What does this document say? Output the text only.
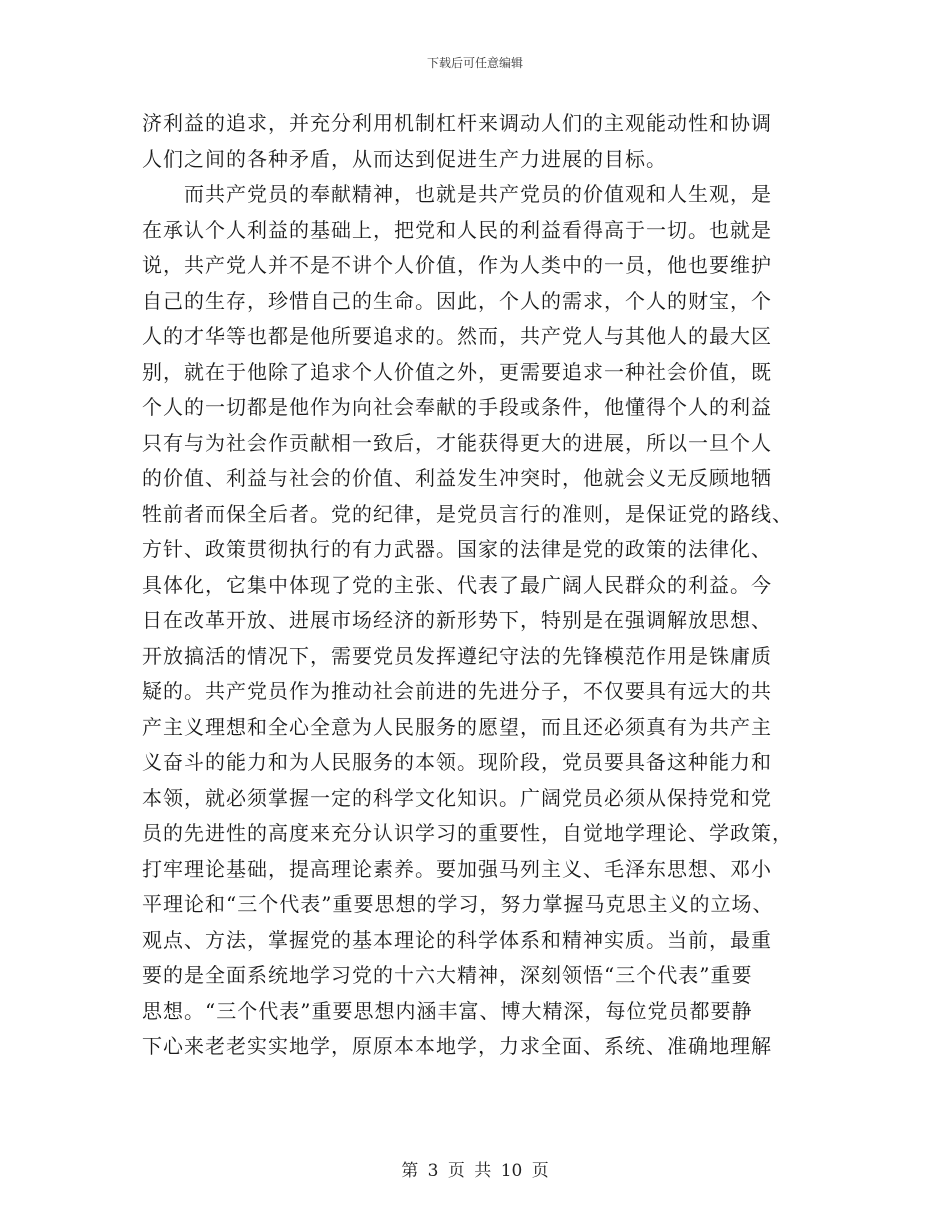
下载后可任意编辑
济利益的追求，并充分利用机制杠杆来调动人们的主观能动性和协调
人们之间的各种矛盾，从而达到促进生产力进展的目标。
　　而共产党员的奉献精神，也就是共产党员的价值观和人生观，是
在承认个人利益的基础上，把党和人民的利益看得高于一切。也就是
说，共产党人并不是不讲个人价值，作为人类中的一员，他也要维护
自己的生存，珍惜自己的生命。因此，个人的需求，个人的财宝，个
人的才华等也都是他所要追求的。然而，共产党人与其他人的最大区
别，就在于他除了追求个人价值之外，更需要追求一种社会价值，既
个人的一切都是他作为向社会奉献的手段或条件，他懂得个人的利益
只有与为社会作贡献相一致后，才能获得更大的进展，所以一旦个人
的价值、利益与社会的价值、利益发生冲突时，他就会义无反顾地牺
牲前者而保全后者。党的纪律，是党员言行的准则，是保证党的路线、
方针、政策贯彻执行的有力武器。国家的法律是党的政策的法律化、
具体化，它集中体现了党的主张、代表了最广阔人民群众的利益。今
日在改革开放、进展市场经济的新形势下，特别是在强调解放思想、
开放搞活的情况下，需要党员发挥遵纪守法的先锋模范作用是铢庸质
疑的。共产党员作为推动社会前进的先进分子，不仅要具有远大的共
产主义理想和全心全意为人民服务的愿望，而且还必须真有为共产主
义奋斗的能力和为人民服务的本领。现阶段，党员要具备这种能力和
本领，就必须掌握一定的科学文化知识。广阔党员必须从保持党和党
员的先进性的高度来充分认识学习的重要性，自觉地学理论、学政策，
打牢理论基础，提高理论素养。要加强马列主义、毛泽东思想、邓小
平理论和“三个代表”重要思想的学习，努力掌握马克思主义的立场、
观点、方法，掌握党的基本理论的科学体系和精神实质。当前，最重
要的是全面系统地学习党的十六大精神，深刻领悟“三个代表”重要
思想。“三个代表”重要思想内涵丰富、博大精深，每位党员都要静
下心来老老实实地学，原原本本地学，力求全面、系统、准确地理解
第 3 页 共 10 页
